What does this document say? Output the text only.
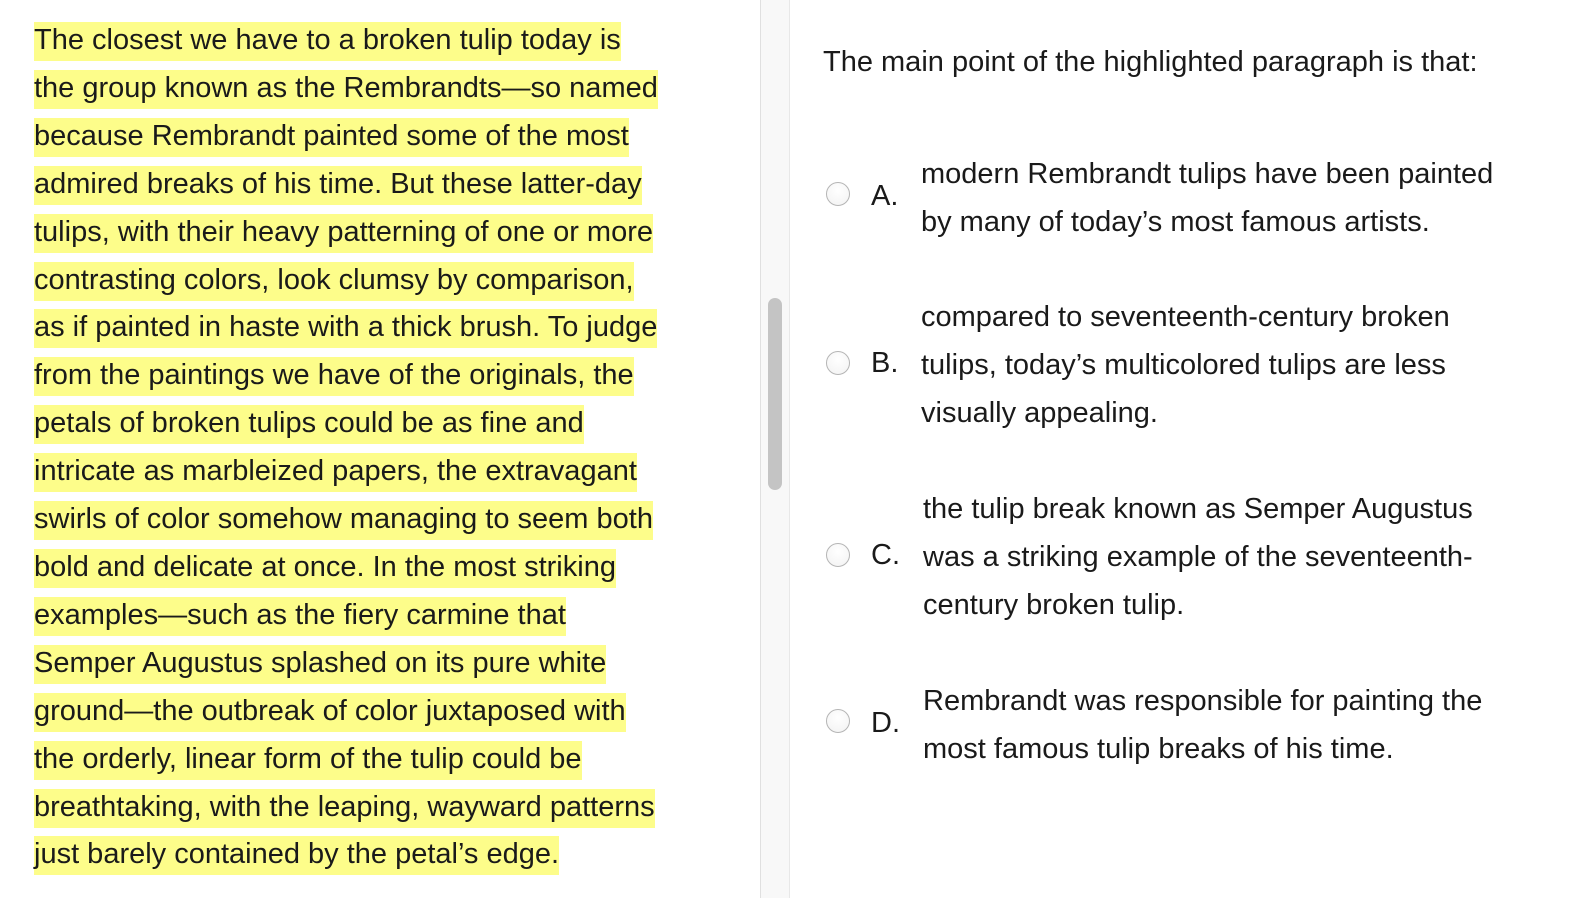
The closest we have to a broken tulip today is
the group known as the Rembrandts—so named
because Rembrandt painted some of the most
admired breaks of his time. But these latter-day
tulips, with their heavy patterning of one or more
contrasting colors, look clumsy by comparison,
as if painted in haste with a thick brush. To judge
from the paintings we have of the originals, the
petals of broken tulips could be as fine and
intricate as marbleized papers, the extravagant
swirls of color somehow managing to seem both
bold and delicate at once. In the most striking
examples—such as the fiery carmine that
Semper Augustus splashed on its pure white
ground—the outbreak of color juxtaposed with
the orderly, linear form of the tulip could be
breathtaking, with the leaping, wayward patterns
just barely contained by the petal’s edge.
The main point of the highlighted paragraph is that:
A.
modern Rembrandt tulips have been painted
by many of today’s most famous artists.
B.
compared to seventeenth-century broken
tulips, today’s multicolored tulips are less
visually appealing.
C.
the tulip break known as Semper Augustus
was a striking example of the seventeenth-
century broken tulip.
D.
Rembrandt was responsible for painting the
most famous tulip breaks of his time.
